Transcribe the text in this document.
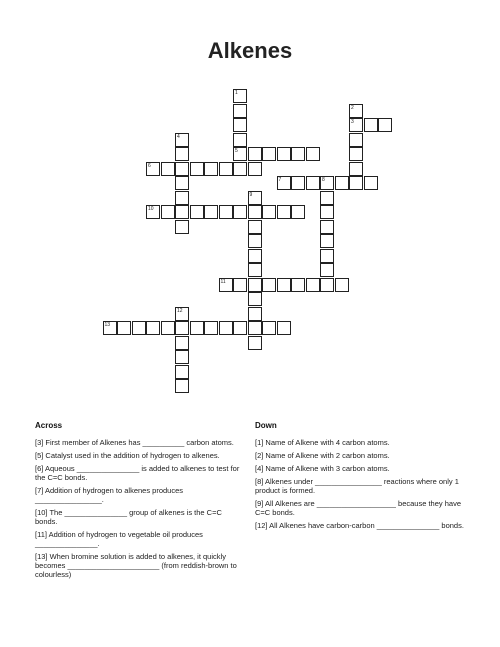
Alkenes
1
5
2
3
4
6
7	8
9
10
11
12
13
Across
[3] First member of Alkenes has __________ carbon atoms.
[5] Catalyst used in the addition of hydrogen to alkenes.
[6] Aqueous _______________ is added to alkenes to test for the C=C bonds.
[7] Addition of hydrogen to alkenes produces ________________.
[10] The _______________ group of alkenes is the C=C bonds.
[11] Addition of hydrogen to vegetable oil produces _______________.
[13] When bromine solution is added to alkenes, it quickly becomes ______________________ (from reddish-brown to colourless)
Down
[1] Name of Alkene with 4 carbon atoms.
[2] Name of Alkene with 2 carbon atoms.
[4] Name of Alkene with 3 carbon atoms.
[8] Alkenes under ________________ reactions where only 1 product is formed.
[9] All Alkenes are ___________________ because they have C=C bonds.
[12] All Alkenes have carbon-carbon _______________ bonds.
